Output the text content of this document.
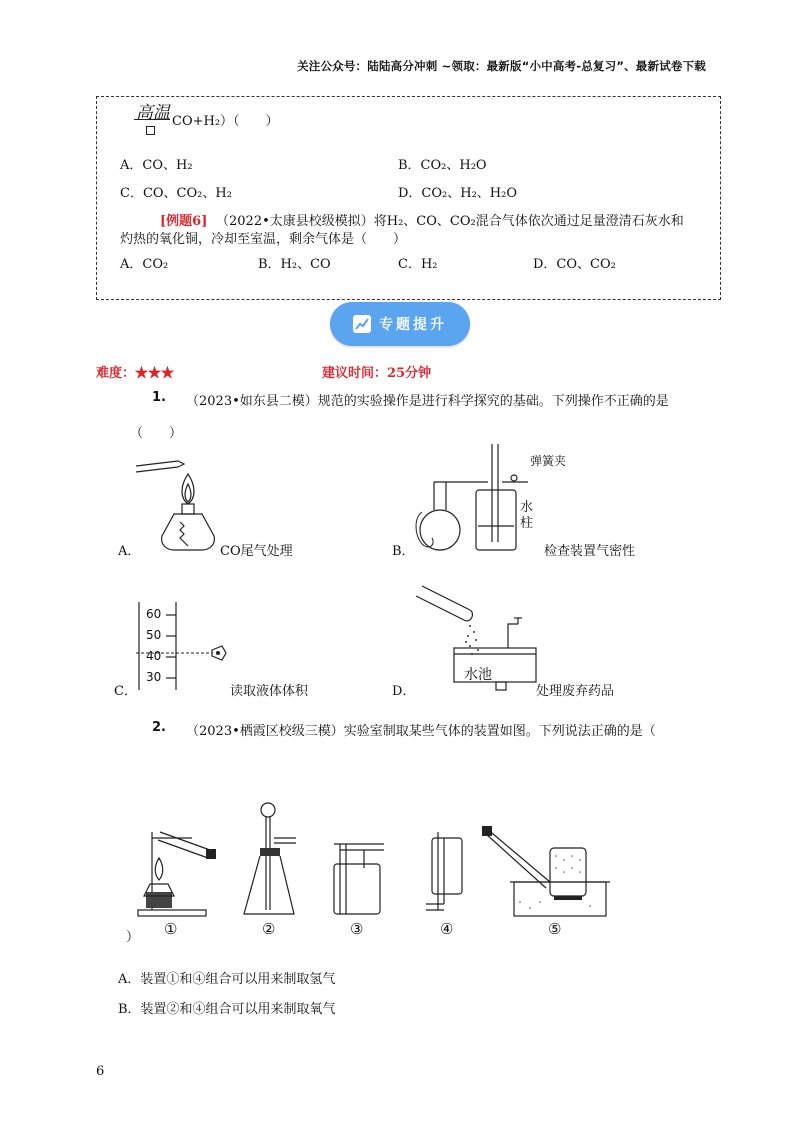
关注公众号：陆陆高分冲刺 ~领取：最新版“小中高考-总复习”、最新试卷下载
高温 CO+H₂）（　　）
A．CO、H₂	B．CO₂、H₂O
C．CO、CO₂、H₂	D．CO₂、H₂、H₂O
[例题6] （2022•太康县校级模拟）将H₂、CO、CO₂混合气体依次通过足量澄清石灰水和
灼热的氧化铜，冷却至室温，剩余气体是（　　）
A．CO₂	B．H₂、CO	C．H₂	D．CO、CO₂
专题提升
难度：★★★	建议时间：25分钟
1. （2023•如东县二模）规范的实验操作是进行科学探究的基础。下列操作不正确的是
（　　）
A．	CO尾气处理
弹簧夹
水
柱
B．	检查装置气密性
60
50
40
30
C．	读取液体体积
水池
D．	处理废弃药品
2. （2023•栖霞区校级三模）实验室制取某些气体的装置如图。下列说法正确的是（
） ①	②	③	④	⑤
A．装置①和④组合可以用来制取氢气
B．装置②和④组合可以用来制取氧气
6
